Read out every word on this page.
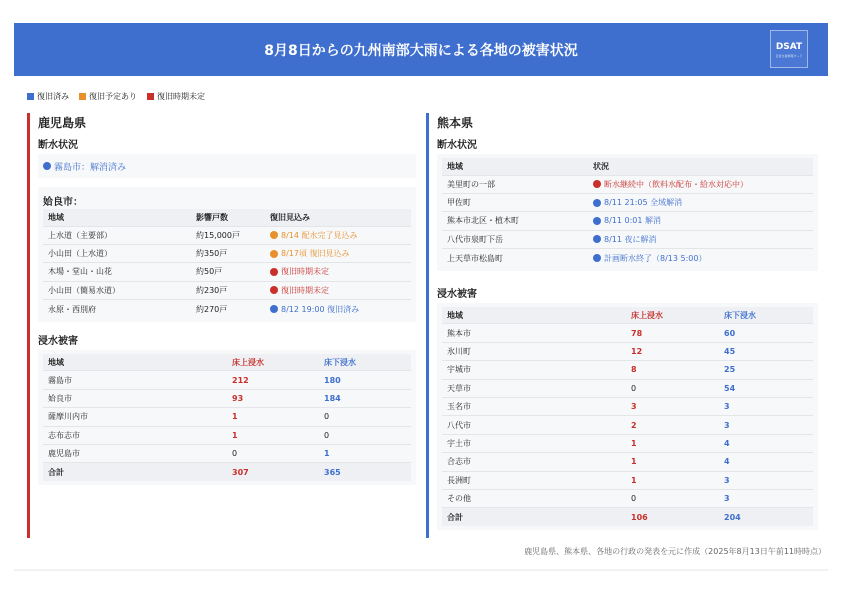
8月8日からの九州南部大雨による各地の被害状況	DSAT
災害支援情報ボード
復旧済み	復旧予定あり	復旧時期未定
鹿児島県
断水状況
✓ 霧島市：解消済み
姶良市：
地域	影響戸数	復旧見込み
上水道（主要部）	約15,000戸	◷ 8/14 配水完了見込み

小山田（上水道）	約350戸	◷ 8/17頃 復旧見込み

木場・堂山・山花	約50戸	! 復旧時期未定

小山田（簡易水道）	約230戸	! 復旧時期未定

永原・西別府	約270戸	✓ 8/12 19:00 復旧済み
浸水被害
地域	床上浸水	床下浸水
霧島市	212	180
姶良市	93	184
薩摩川内市	1	0
志布志市	1	0
鹿児島市	0	1
合計	307	365
熊本県
断水状況
地域	状況
美里町の一部	! 断水継続中（飲料水配布・給水対応中）

甲佐町	✓ 8/11 21:05 全域解消

熊本市北区・植木町	✓ 8/11 0:01 解消

八代市泉町下岳	✓ 8/11 夜に解消

上天草市松島町	✓ 計画断水終了（8/13 5:00）
浸水被害
地域	床上浸水	床下浸水
熊本市	78	60
氷川町	12	45
宇城市	8	25
天草市	0	54
玉名市	3	3
八代市	2	3
宇土市	1	4
合志市	1	4
長洲町	1	3
その他	0	3
合計	106	204
鹿児島県、熊本県、各地の行政の発表を元に作成（2025年8月13日午前11時時点）
